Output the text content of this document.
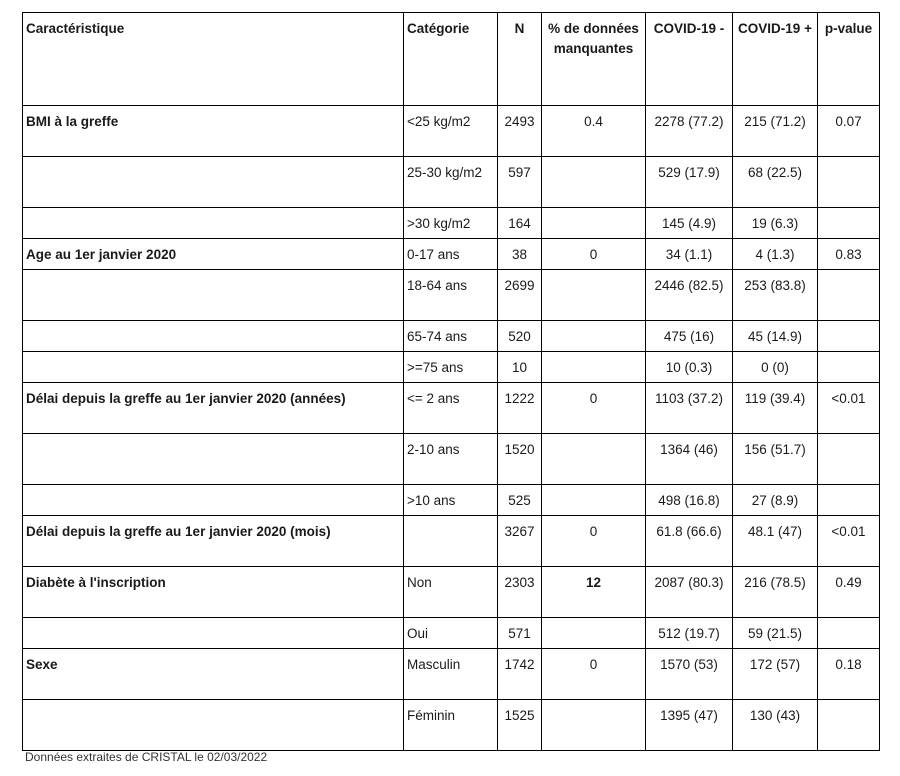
Caractéristique	Catégorie	N	% de données manquantes	COVID-19 -	COVID-19 +	p-value
BMI à la greffe	<25 kg/m2	2493	0.4	2278 (77.2)	215 (71.2)	0.07
	25-30 kg/m2	597		529 (17.9)	68 (22.5)	
	>30 kg/m2	164		145 (4.9)	19 (6.3)	
Age au 1er janvier 2020	0-17 ans	38	0	34 (1.1)	4 (1.3)	0.83
	18-64 ans	2699		2446 (82.5)	253 (83.8)	
	65-74 ans	520		475 (16)	45 (14.9)	
	>=75 ans	10		10 (0.3)	0 (0)	
Délai depuis la greffe au 1er janvier 2020 (années)	<= 2 ans	1222	0	1103 (37.2)	119 (39.4)	<0.01
	2-10 ans	1520		1364 (46)	156 (51.7)	
	>10 ans	525		498 (16.8)	27 (8.9)	
Délai depuis la greffe au 1er janvier 2020 (mois)		3267	0	61.8 (66.6)	48.1 (47)	<0.01
Diabète à l'inscription	Non	2303	12	2087 (80.3)	216 (78.5)	0.49
	Oui	571		512 (19.7)	59 (21.5)	
Sexe	Masculin	1742	0	1570 (53)	172 (57)	0.18
	Féminin	1525		1395 (47)	130 (43)	
Données extraites de CRISTAL le 02/03/2022
